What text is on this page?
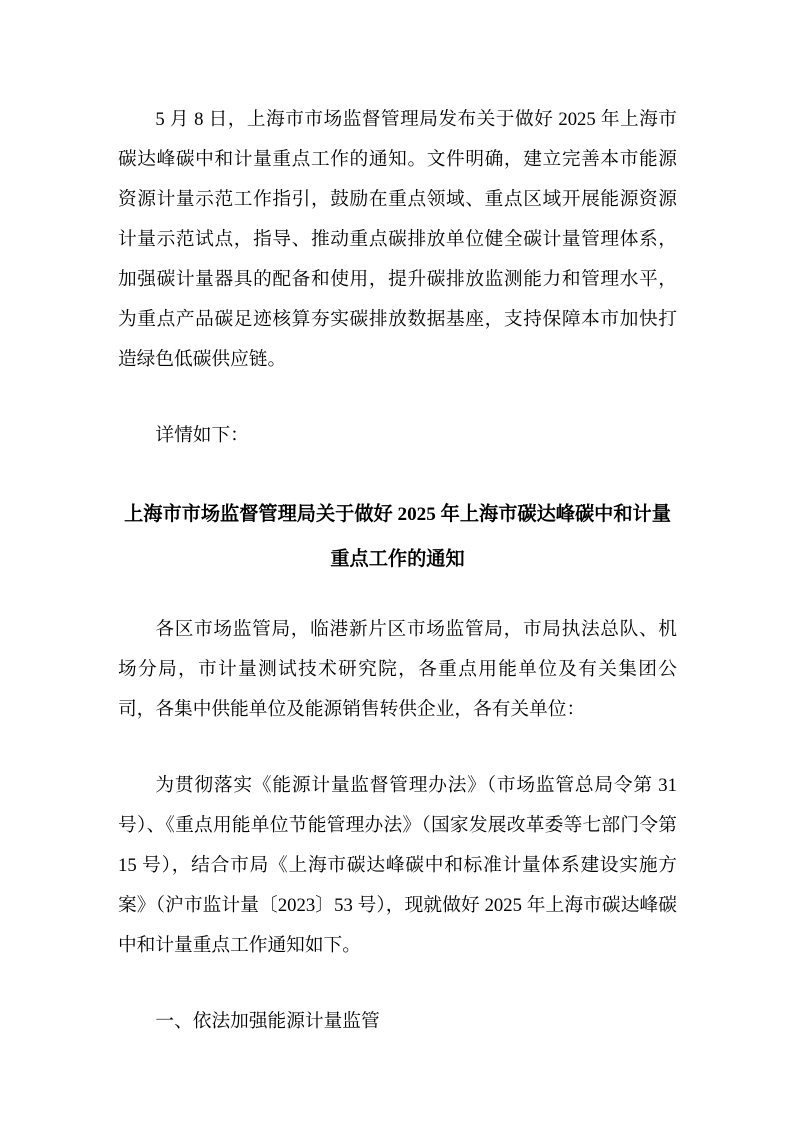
5 月 8 日，上海市市场监督管理局发布关于做好 2025 年上海市碳达峰碳中和计量重点工作的通知。文件明确，建立完善本市能源资源计量示范工作指引，鼓励在重点领域、重点区域开展能源资源计量示范试点，指导、推动重点碳排放单位健全碳计量管理体系，加强碳计量器具的配备和使用，提升碳排放监测能力和管理水平，为重点产品碳足迹核算夯实碳排放数据基座，支持保障本市加快打造绿色低碳供应链。

详情如下：

上海市市场监督管理局关于做好 2025 年上海市碳达峰碳中和计量重点工作的通知

各区市场监管局，临港新片区市场监管局，市局执法总队、机场分局，市计量测试技术研究院，各重点用能单位及有关集团公司，各集中供能单位及能源销售转供企业，各有关单位：

为贯彻落实《能源计量监督管理办法》（市场监管总局令第 31 号）、《重点用能单位节能管理办法》（国家发展改革委等七部门令第 15 号），结合市局《上海市碳达峰碳中和标准计量体系建设实施方案》（沪市监计量〔2023〕53 号），现就做好 2025 年上海市碳达峰碳中和计量重点工作通知如下。

一、依法加强能源计量监管
